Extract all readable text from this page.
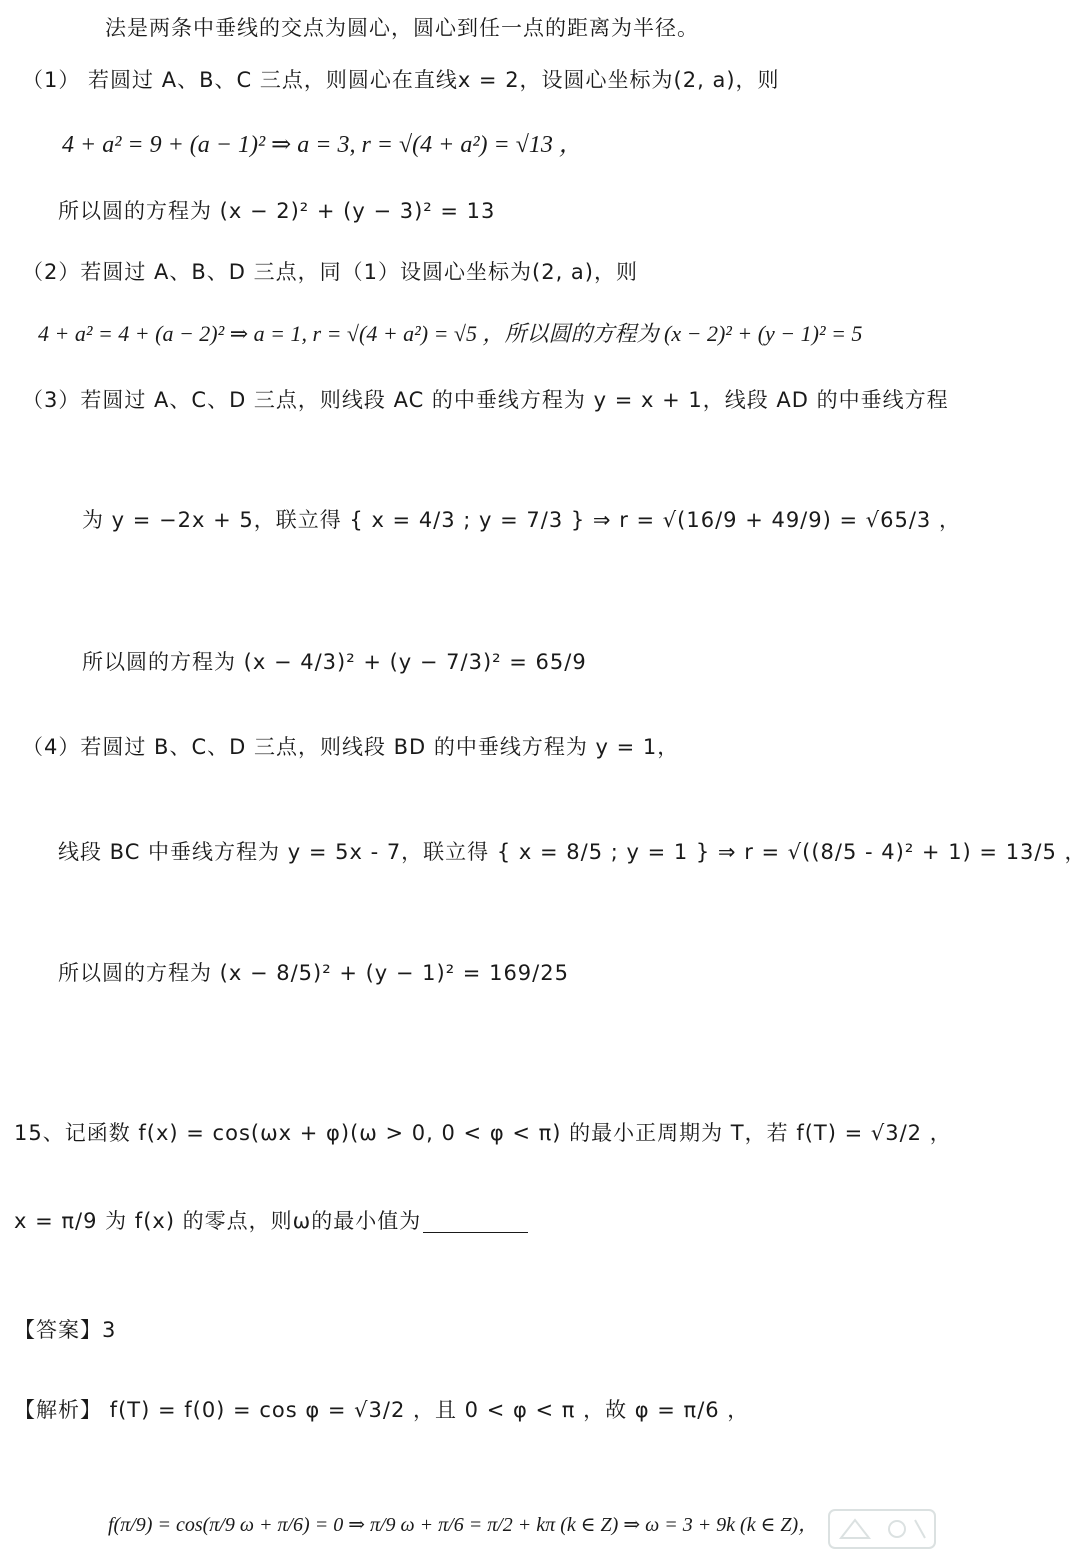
法是两条中垂线的交点为圆心，圆心到任一点的距离为半径。
（1） 若圆过 A、B、C 三点，则圆心在直线x = 2，设圆心坐标为(2, a)，则
4 + a² = 9 + (a − 1)² ⇒ a = 3, r = √(4 + a²) = √13 ，
所以圆的方程为 (x − 2)² + (y − 3)² = 13
（2）若圆过 A、B、D 三点，同（1）设圆心坐标为(2, a)，则
4 + a² = 4 + (a − 2)² ⇒ a = 1, r = √(4 + a²) = √5 ，所以圆的方程为 (x − 2)² + (y − 1)² = 5
（3）若圆过 A、C、D 三点，则线段 AC 的中垂线方程为 y = x + 1，线段 AD 的中垂线方程
为 y = −2x + 5，联立得 { x = 4/3 ; y = 7/3 } ⇒ r = √(16/9 + 49/9) = √65/3 ，
所以圆的方程为 (x − 4/3)² + (y − 7/3)² = 65/9
（4）若圆过 B、C、D 三点，则线段 BD 的中垂线方程为 y = 1，
线段 BC 中垂线方程为 y = 5x - 7，联立得 { x = 8/5 ; y = 1 } ⇒ r = √((8/5 - 4)² + 1) = 13/5 ，
所以圆的方程为 (x − 8/5)² + (y − 1)² = 169/25
15、记函数 f(x) = cos(ωx + φ)(ω > 0, 0 < φ < π) 的最小正周期为 T，若 f(T) = √3/2 ，
x = π/9 为 f(x) 的零点，则ω的最小值为
【答案】3
【解析】 f(T) = f(0) = cos φ = √3/2 ，且 0 < φ < π ，故 φ = π/6 ，
f(π/9) = cos(π/9 ω + π/6) = 0 ⇒ π/9 ω + π/6 = π/2 + kπ (k ∈ Z) ⇒ ω = 3 + 9k (k ∈ Z)，
